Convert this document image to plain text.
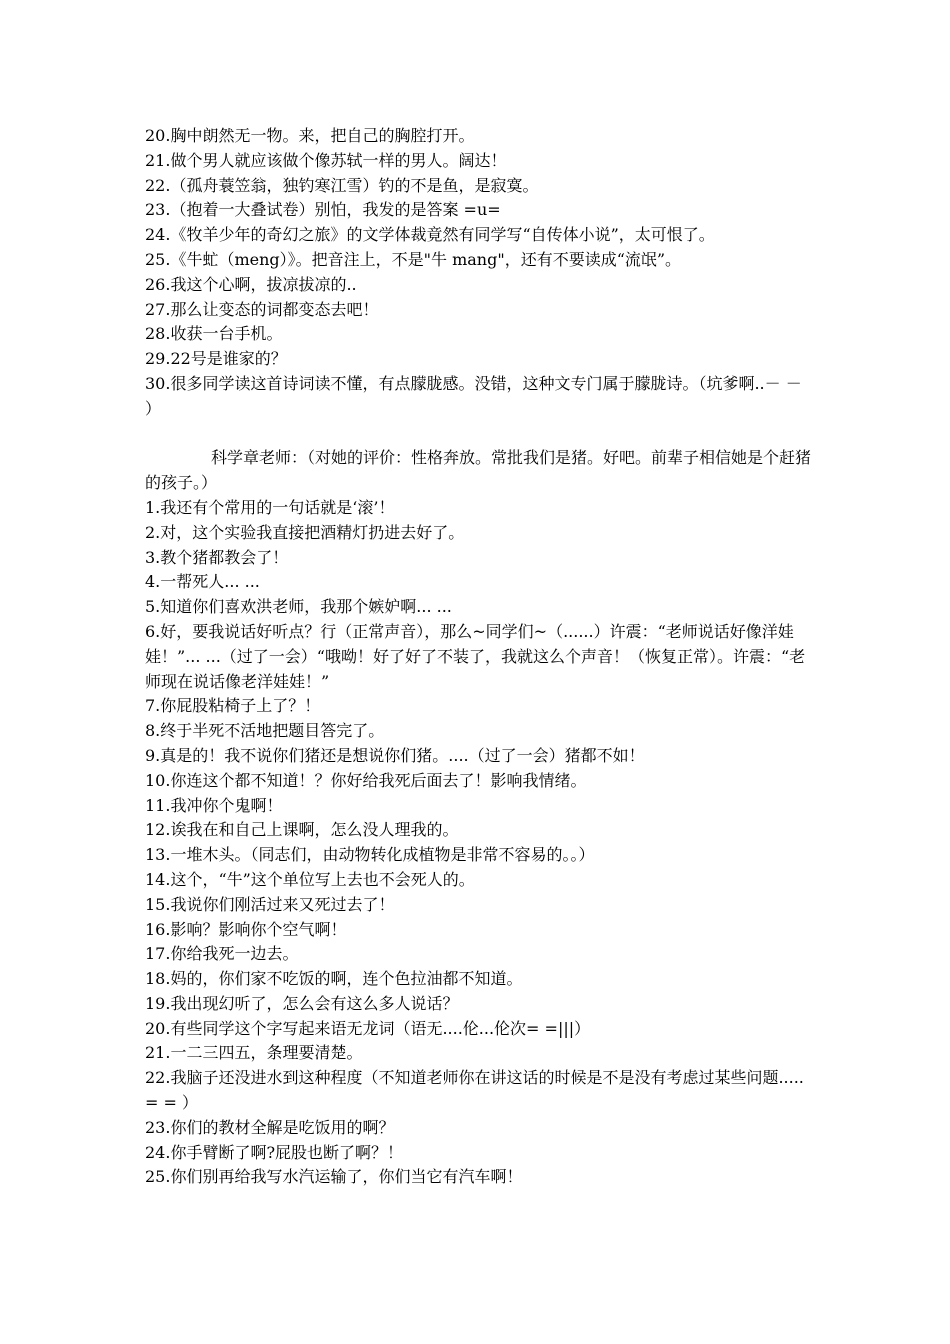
20.胸中朗然无一物。来，把自己的胸腔打开。

21.做个男人就应该做个像苏轼一样的男人。阔达！

22.（孤舟蓑笠翁，独钓寒江雪）钓的不是鱼，是寂寞。

23.（抱着一大叠试卷）别怕，我发的是答案 =u=

24.《牧羊少年的奇幻之旅》的文学体裁竟然有同学写“自传体小说”，太可恨了。

25.《牛虻（meng）》。把音注上，不是"牛 mang"，还有不要读成“流氓”。

26.我这个心啊，拔凉拔凉的..

27.那么让变态的词都变态去吧！

28.收获一台手机。

29.22号是谁家的？

30.很多同学读这首诗词读不懂，有点朦胧感。没错，这种文专门属于朦胧诗。（坑爹啊..－ － ）

科学章老师：（对她的评价：性格奔放。常批我们是猪。好吧。前辈子相信她是个赶猪的孩子。）

1.我还有个常用的一句话就是‘滚’！

2.对，这个实验我直接把酒精灯扔进去好了。

3.教个猪都教会了！

4.一帮死人... ...

5.知道你们喜欢洪老师，我那个嫉妒啊... ...

6.好，要我说话好听点？行（正常声音），那么~同学们~（......）许震：“老师说话好像洋娃娃！”... ...（过了一会）“哦呦！好了好了不装了，我就这么个声音！（恢复正常）。许震：“老师现在说话像老洋娃娃！”

7.你屁股粘椅子上了？！

8.终于半死不活地把题目答完了。

9.真是的！我不说你们猪还是想说你们猪。....（过了一会）猪都不如！

10.你连这个都不知道！？你好给我死后面去了！影响我情绪。

11.我冲你个鬼啊！

12.诶我在和自己上课啊，怎么没人理我的。

13.一堆木头。（同志们，由动物转化成植物是非常不容易的。。）

14.这个，“牛”这个单位写上去也不会死人的。

15.我说你们刚活过来又死过去了！

16.影响？影响你个空气啊！

17.你给我死一边去。

18.妈的，你们家不吃饭的啊，连个色拉油都不知道。

19.我出现幻听了，怎么会有这么多人说话？

20.有些同学这个字写起来语无龙词（语无....伦...伦次= =|||）

21.一二三四五，条理要清楚。

22.我脑子还没进水到这种程度（不知道老师你在讲这话的时候是不是没有考虑过某些问题.....= = ）

23.你们的教材全解是吃饭用的啊？

24.你手臂断了啊?屁股也断了啊？！

25.你们别再给我写水汽运输了，你们当它有汽车啊！
